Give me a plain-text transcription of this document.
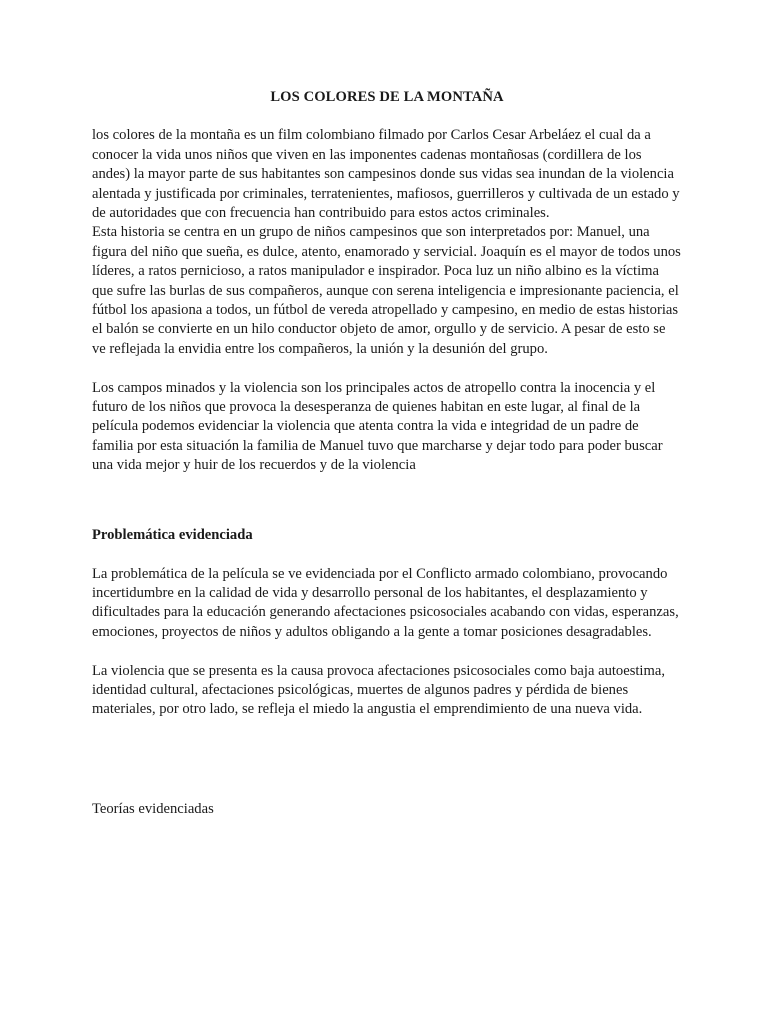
LOS COLORES DE LA MONTAÑA

los colores de la montaña es un film colombiano filmado por Carlos Cesar Arbeláez el cual da a conocer la vida unos niños que viven en las imponentes cadenas montañosas (cordillera de los andes) la mayor parte de sus habitantes son campesinos donde sus vidas sea inundan de la violencia alentada y justificada por criminales, terratenientes, mafiosos, guerrilleros y cultivada de un estado y de autoridades que con frecuencia han contribuido para estos actos criminales.

Esta historia se centra en un grupo de niños campesinos que son interpretados por: Manuel, una figura del niño que sueña, es dulce, atento, enamorado y servicial. Joaquín es el mayor de todos unos líderes, a ratos pernicioso, a ratos manipulador e inspirador. Poca luz un niño albino es la víctima que sufre las burlas de sus compañeros, aunque con serena inteligencia e impresionante paciencia, el fútbol los apasiona a todos, un fútbol de vereda atropellado y campesino, en medio de estas historias el balón se convierte en un hilo conductor objeto de amor, orgullo y de servicio. A pesar de esto se ve reflejada la envidia entre los compañeros, la unión y la desunión del grupo.

Los campos minados y la violencia son los principales actos de atropello contra la inocencia y el futuro de los niños que provoca la desesperanza de quienes habitan en este lugar, al final de la película podemos evidenciar la violencia que atenta contra la vida e integridad de un padre de familia por esta situación la familia de Manuel tuvo que marcharse y dejar todo para poder buscar una vida mejor y huir de los recuerdos y de la violencia

Problemática evidenciada

La problemática de la película se ve evidenciada por el Conflicto armado colombiano, provocando incertidumbre en la calidad de vida y desarrollo personal de los habitantes, el desplazamiento y dificultades para la educación generando afectaciones psicosociales acabando con vidas, esperanzas, emociones, proyectos de niños y adultos obligando a la gente a tomar posiciones desagradables.

La violencia que se presenta es la causa provoca afectaciones psicosociales como baja autoestima, identidad cultural, afectaciones psicológicas, muertes de algunos padres y pérdida de bienes materiales, por otro lado, se refleja el miedo la angustia el emprendimiento de una nueva vida.

Teorías evidenciadas
